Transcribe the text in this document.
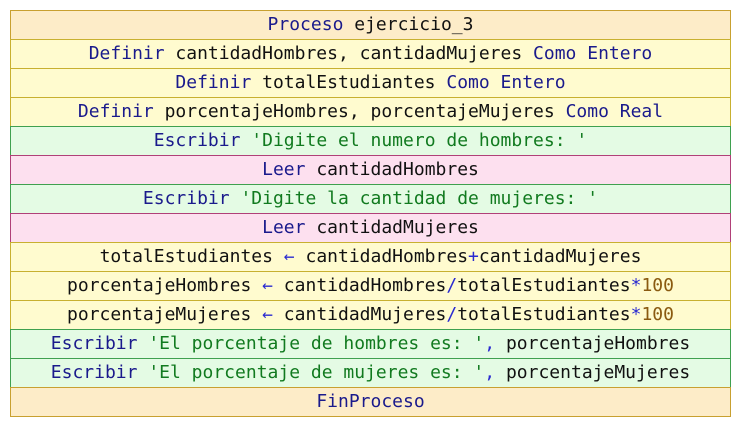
Proceso ejercicio_3
Definir cantidadHombres, cantidadMujeres Como Entero
Definir totalEstudiantes Como Entero
Definir porcentajeHombres, porcentajeMujeres Como Real
Escribir 'Digite el numero de hombres: '
Leer cantidadHombres
Escribir 'Digite la cantidad de mujeres: '
Leer cantidadMujeres
totalEstudiantes ← cantidadHombres+cantidadMujeres
porcentajeHombres ← cantidadHombres/totalEstudiantes*100
porcentajeMujeres ← cantidadMujeres/totalEstudiantes*100
Escribir 'El porcentaje de hombres es: ', porcentajeHombres
Escribir 'El porcentaje de mujeres es: ', porcentajeMujeres
FinProceso
